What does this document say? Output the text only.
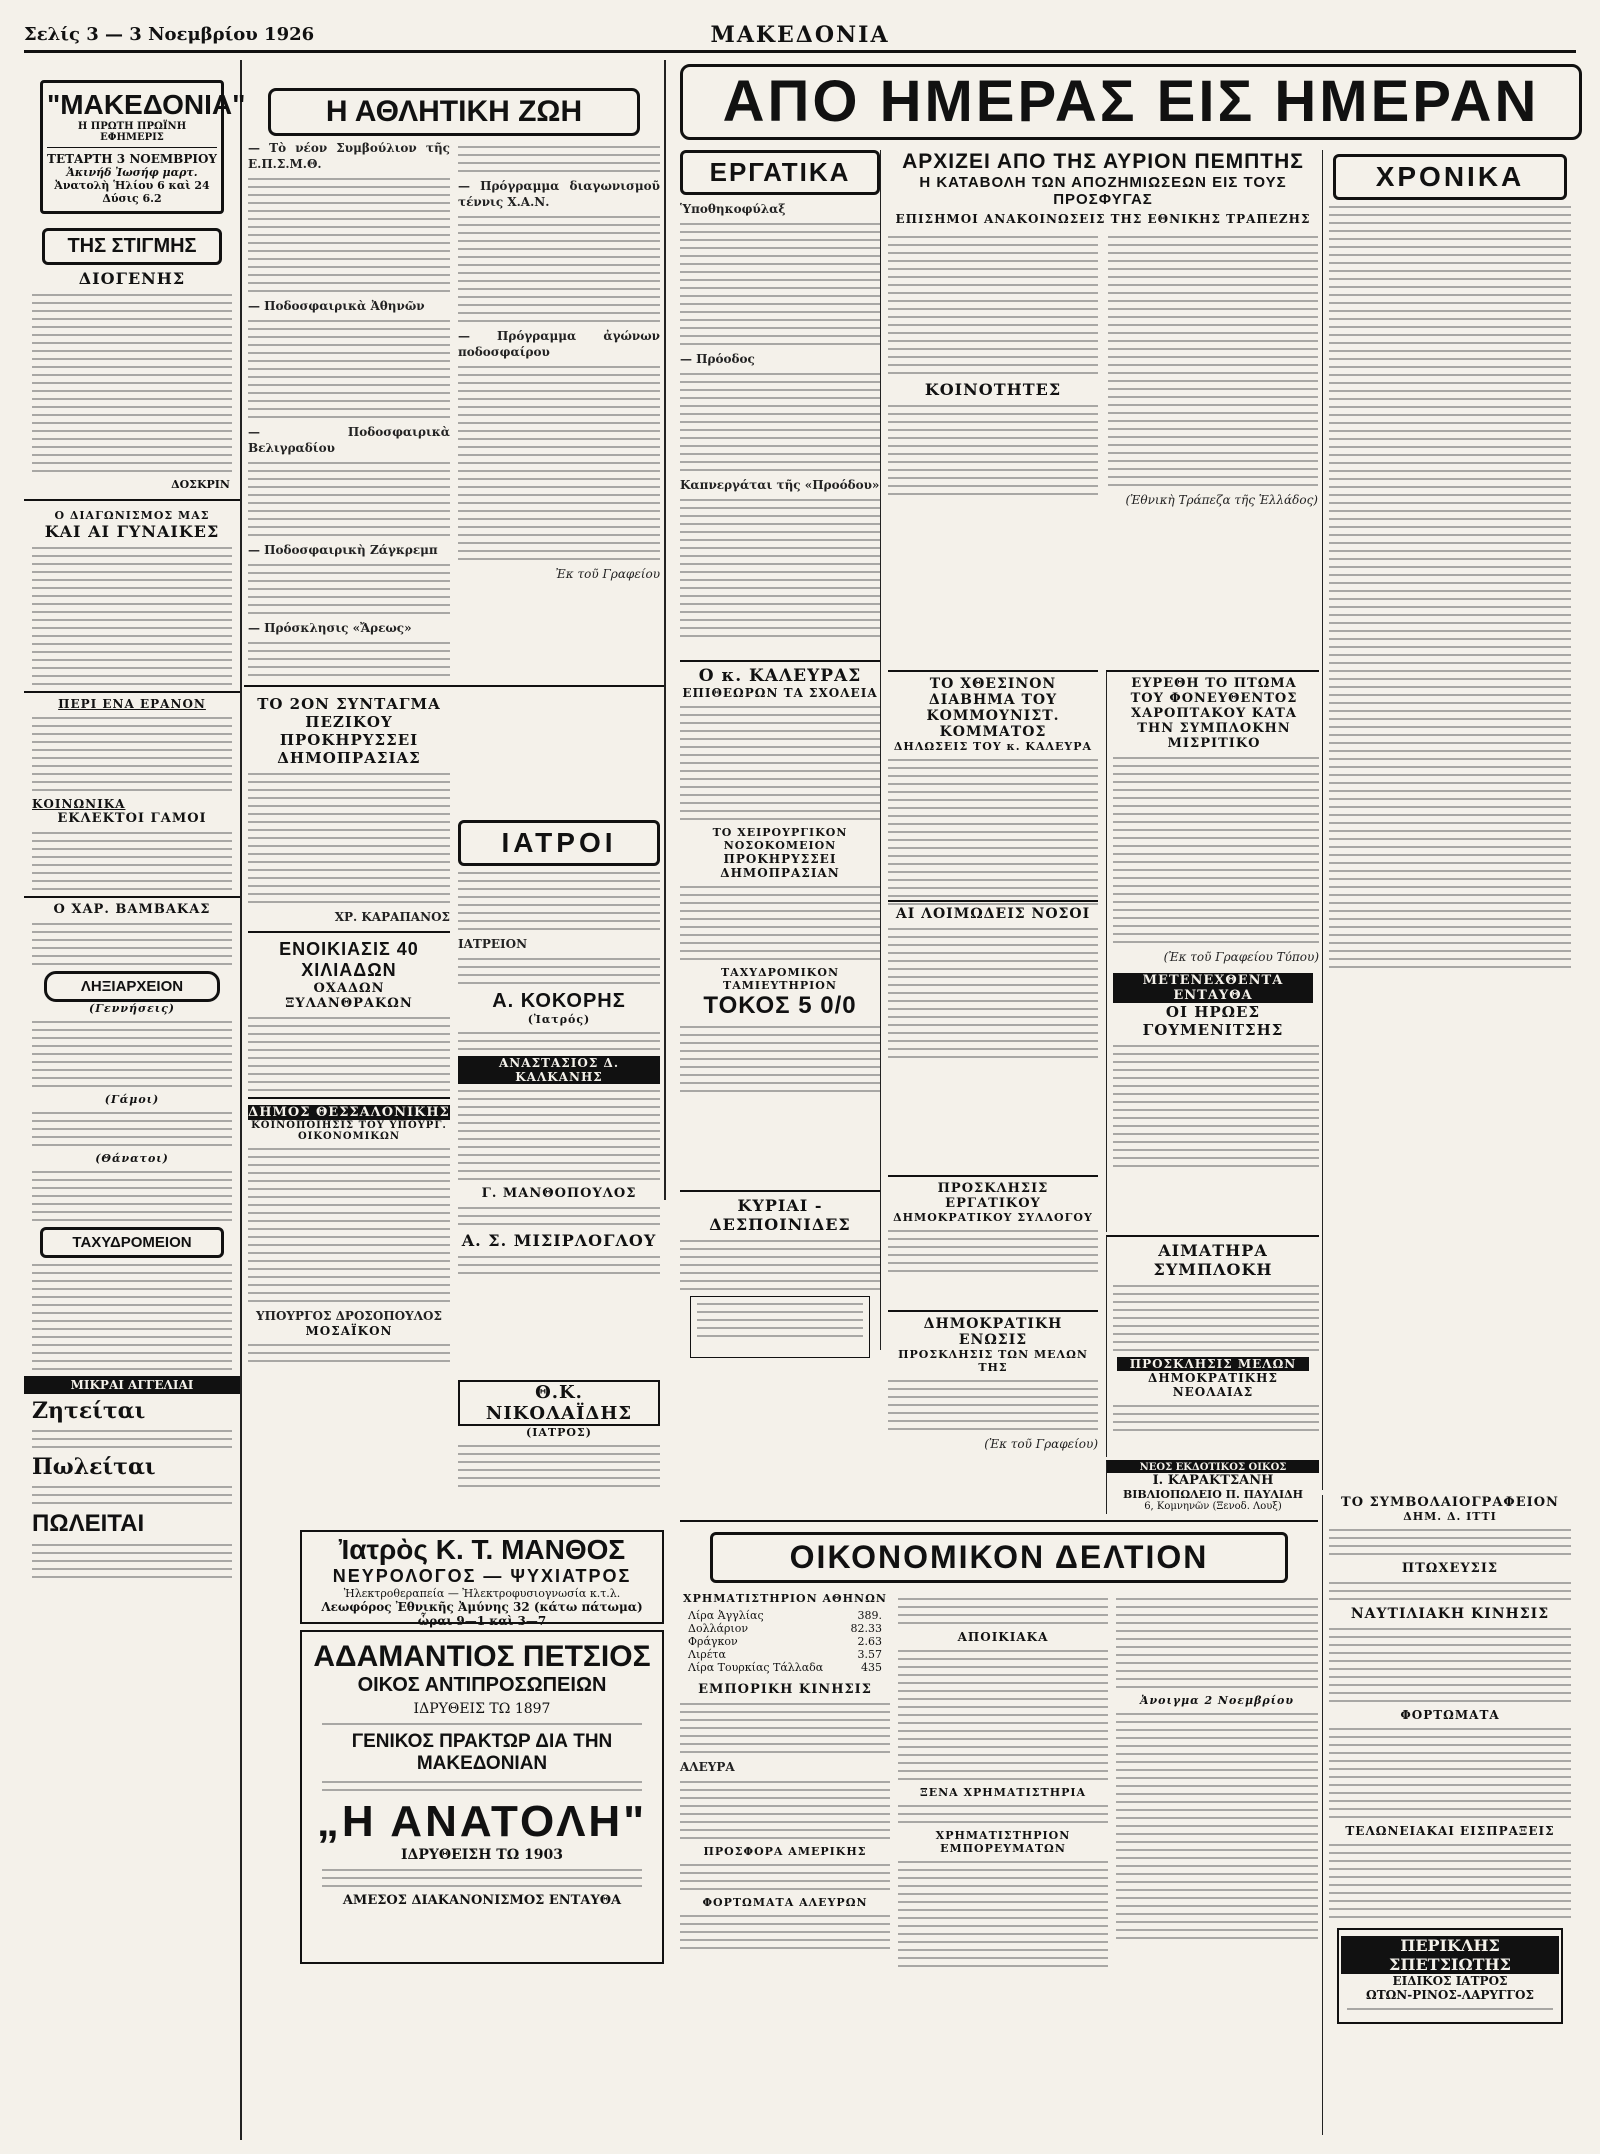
Σελίς 3 — 3 Νοεμβρίου 1926	ΜΑΚΕΔΟΝΙΑ
"ΜΑΚΕΔΟΝΙΑ"
Η ΠΡΩΤΗ ΠΡΩΪΝΗ ΕΦΗΜΕΡΙΣ
ΤΕΤΑΡΤΗ 3 ΝΟΕΜΒΡΙΟΥ
Ἀκινήδ Ἰωσήφ μαρτ.
Ἀνατολὴ Ἡλίου 6 καὶ 24
Δύσις 6.2
ΤΗΣ ΣΤΙΓΜΗΣ
ΔΙΟΓΕΝΗΣ
ΔΟΣΚΡΙΝ
Ο ΔΙΑΓΩΝΙΣΜΟΣ ΜΑΣ
ΚΑΙ ΑΙ ΓΥΝΑΙΚΕΣ
ΠΕΡΙ ΕΝΑ ΕΡΑΝΟΝ
ΚΟΙΝΩΝΙΚΑ
ΕΚΛΕΚΤΟΙ ΓΑΜΟΙ
Ο ΧΑΡ. ΒΑΜΒΑΚΑΣ
ΛΗΞΙΑΡΧΕΙΟΝ
(Γεννήσεις)
(Γάμοι)
(Θάνατοι)
ΤΑΧΥΔΡΟΜΕΙΟΝ
ΜΙΚΡΑΙ ΑΓΓΕΛΙΑΙ
Ζητείται
Πωλείται
ΠΩΛΕΙΤΑΙ
Η ΑΘΛΗΤΙΚΗ ΖΩΗ
— Τὸ νέον Συμβούλιον τῆς Ε.Π.Σ.Μ.Θ.
— Ποδοσφαιρικὰ Ἀθηνῶν
— Ποδοσφαιρικὰ Βελιγραδίου
— Ποδοσφαιρικὴ Ζάγκρεμπ
— Πρόσκλησις «Ἄρεως»
— Πρόγραμμα διαγωνισμοῦ τέννις Χ.Α.Ν.
— Πρόγραμμα ἀγώνων ποδοσφαίρου
Ἐκ τοῦ Γραφείου
ΤΟ 2ΟΝ ΣΥΝΤΑΓΜΑ ΠΕΖΙΚΟΥ ΠΡΟΚΗΡΥΣΣΕΙ ΔΗΜΟΠΡΑΣΙΑΣ
ΧΡ. ΚΑΡΑΠΑΝΟΣ
ΕΝΟΙΚΙΑΣΙΣ 40 ΧΙΛΙΑΔΩΝ
ΟΧΑΔΩΝ ΞΥΛΑΝΘΡΑΚΩΝ
ΔΗΜΟΣ ΘΕΣΣΑΛΟΝΙΚΗΣ
ΚΟΙΝΟΠΟΙΗΣΙΣ ΤΟΥ ΥΠΟΥΡΓ. ΟΙΚΟΝΟΜΙΚΩΝ
ΥΠΟΥΡΓΟΣ ΔΡΟΣΟΠΟΥΛΟΣ
ΜΟΣΑΪΚΟΝ
ΙΑΤΡΟΙ
ΙΑΤΡΕΙΟΝ
Α. ΚΟΚΟΡΗΣ
(Ἰατρός)
ΑΝΑΣΤΑΣΙΟΣ Δ. ΚΑΛΚΑΝΗΣ
Γ. ΜΑΝΘΟΠΟΥΛΟΣ
Α. Σ. ΜΙΣΙΡΛΟΓΛΟΥ
Θ.Κ. ΝΙΚΟΛΑΪΔΗΣ
(ΙΑΤΡΟΣ)
Ἰατρὸς Κ. Τ. ΜΑΝΘΟΣ
ΝΕΥΡΟΛΟΓΟΣ — ΨΥΧΙΑΤΡΟΣ
Ἠλεκτροθεραπεία — Ἠλεκτροφυσιογνωσία κ.τ.λ.
Λεωφόρος Ἐθνικῆς Ἀμύνης 32 (κάτω πάτωμα)
ὧραι 9—1 καὶ 3—7
ΑΔΑΜΑΝΤΙΟΣ ΠΕΤΣΙΟΣ
ΟΙΚΟΣ ΑΝΤΙΠΡΟΣΩΠΕΙΩΝ
ΙΔΡΥΘΕΙΣ ΤΩ 1897
ΓΕΝΙΚΟΣ ΠΡΑΚΤΩΡ ΔΙΑ ΤΗΝ ΜΑΚΕΔΟΝΙΑΝ
„Η ΑΝΑΤΟΛΗ"
ΙΔΡΥΘΕΙΣΗ ΤΩ 1903
ΑΜΕΣΟΣ ΔΙΑΚΑΝΟΝΙΣΜΟΣ ΕΝΤΑΥΘΑ
ΑΠΟ ΗΜΕΡΑΣ ΕΙΣ ΗΜΕΡΑΝ
ΕΡΓΑΤΙΚΑ
Ὑποθηκοφύλαξ
— Πρόοδος
Καπνεργάται τῆς «Προόδου»
ΑΡΧΙΖΕΙ ΑΠΟ ΤΗΣ ΑΥΡΙΟΝ ΠΕΜΠΤΗΣ
Η ΚΑΤΑΒΟΛΗ ΤΩΝ ΑΠΟΖΗΜΙΩΣΕΩΝ ΕΙΣ ΤΟΥΣ ΠΡΟΣΦΥΓΑΣ
ΕΠΙΣΗΜΟΙ ΑΝΑΚΟΙΝΩΣΕΙΣ ΤΗΣ ΕΘΝΙΚΗΣ ΤΡΑΠΕΖΗΣ
ΚΟΙΝΟΤΗΤΕΣ
(Ἐθνικὴ Τράπεζα τῆς Ἑλλάδος)
ΧΡΟΝΙΚΑ
ΤΟ ΧΘΕΣΙΝΟΝ ΔΙΑΒΗΜΑ ΤΟΥ ΚΟΜΜΟΥΝΙΣΤ. ΚΟΜΜΑΤΟΣ
ΔΗΛΩΣΕΙΣ ΤΟΥ κ. ΚΑΛΕΥΡΑ
ΕΥΡΕΘΗ ΤΟ ΠΤΩΜΑ ΤΟΥ ΦΟΝΕΥΘΕΝΤΟΣ ΧΑΡΟΠΤΑΚΟΥ ΚΑΤΑ ΤΗΝ ΣΥΜΠΛΟΚΗΝ ΜΙΣΡΙΤΙΚΟ
(Ἐκ τοῦ Γραφείου Τύπου)
ΜΕΤΕΝΕΧΘΕΝΤΑ ΕΝΤΑΥΘΑ
ΟΙ ΗΡΩΕΣ ΓΟΥΜΕΝΙΤΣΗΣ
Ο κ. ΚΑΛΕΥΡΑΣ
ΕΠΙΘΕΩΡΩΝ ΤΑ ΣΧΟΛΕΙΑ
ΤΟ ΧΕΙΡΟΥΡΓΙΚΟΝ ΝΟΣΟΚΟΜΕΙΟΝ
ΠΡΟΚΗΡΥΣΣΕΙ ΔΗΜΟΠΡΑΣΙΑΝ
ΤΑΧΥΔΡΟΜΙΚΟΝ ΤΑΜΙΕΥΤΗΡΙΟΝ
ΤΟΚΟΣ 5 0/0
ΑΙ ΛΟΙΜΩΔΕΙΣ ΝΟΣΟΙ
ΠΡΟΣΚΛΗΣΙΣ ΕΡΓΑΤΙΚΟΥ
ΔΗΜΟΚΡΑΤΙΚΟΥ ΣΥΛΛΟΓΟΥ
ΚΥΡΙΑΙ - ΔΕΣΠΟΙΝΙΔΕΣ
ΔΗΜΟΚΡΑΤΙΚΗ ΕΝΩΣΙΣ
ΠΡΟΣΚΛΗΣΙΣ ΤΩΝ ΜΕΛΩΝ ΤΗΣ
(Ἐκ τοῦ Γραφείου)
ΑΙΜΑΤΗΡΑ ΣΥΜΠΛΟΚΗ
ΠΡΟΣΚΛΗΣΙΣ ΜΕΛΩΝ
ΔΗΜΟΚΡΑΤΙΚΗΣ ΝΕΟΛΑΙΑΣ
ΝΕΟΣ ΕΚΔΟΤΙΚΟΣ ΟΙΚΟΣ
Ι. ΚΑΡΑΚΤΣΑΝΗ
ΒΙΒΛΙΟΠΩΛΕΙΟ Π. ΠΑΥΛΙΔΗ
6, Κομνηνῶν (Ξενοδ. Λουξ)	ΤΟ ΣΥΜΒΟΛΑΙΟΓΡΑΦΕΙΟΝ
ΔΗΜ. Δ. ΙΤΤΙ
ΠΤΩΧΕΥΣΙΣ
ΝΑΥΤΙΛΙΑΚΗ ΚΙΝΗΣΙΣ
ΦΟΡΤΩΜΑΤΑ
ΤΕΛΩΝΕΙΑΚΑΙ ΕΙΣΠΡΑΞΕΙΣ
ΠΕΡΙΚΛΗΣ ΣΠΕΤΣΙΩΤΗΣ
ΕΙΔΙΚΟΣ ΙΑΤΡΟΣ
ΩΤΩΝ-ΡΙΝΟΣ-ΛΑΡΥΓΓΟΣ
ΟΙΚΟΝΟΜΙΚΟΝ ΔΕΛΤΙΟΝ
ΧΡΗΜΑΤΙΣΤΗΡΙΟΝ ΑΘΗΝΩΝ
Λίρα Ἀγγλίας	389.
Δολλάριον	82.33
Φράγκον	2.63
Λιρέτα	3.57
Λίρα Τουρκίας Τάλλαδα	435
ΕΜΠΟΡΙΚΗ ΚΙΝΗΣΙΣ
ΑΛΕΥΡΑ
ΠΡΟΣΦΟΡΑ ΑΜΕΡΙΚΗΣ
ΦΟΡΤΩΜΑΤΑ ΑΛΕΥΡΩΝ
ΑΠΟΙΚΙΑΚΑ
ΞΕΝΑ ΧΡΗΜΑΤΙΣΤΗΡΙΑ
ΧΡΗΜΑΤΙΣΤΗΡΙΟΝ ΕΜΠΟΡΕΥΜΑΤΩΝ
Ἀνοιγμα 2 Νοεμβρίου
